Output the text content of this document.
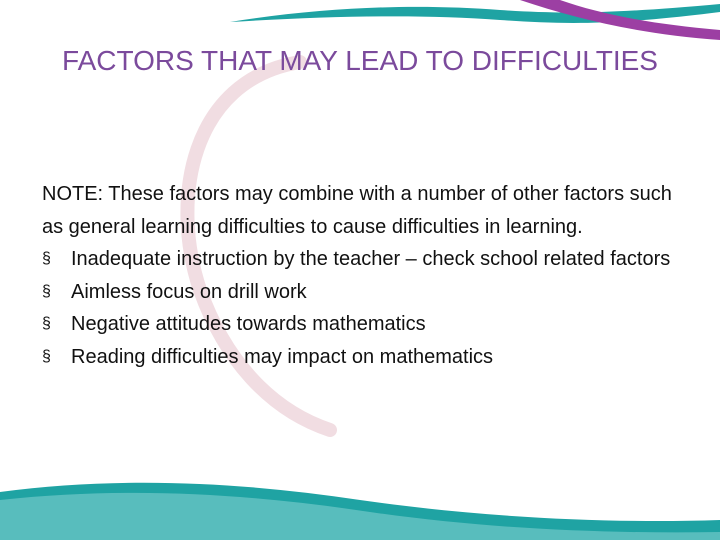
FACTORS THAT MAY LEAD TO DIFFICULTIES

NOTE: These factors may combine with a number of other factors such as general learning difficulties to cause difficulties in learning.

§ Inadequate instruction by the teacher – check school related factors
§ Aimless focus on drill work
§ Negative attitudes towards mathematics
§ Reading difficulties may impact on mathematics
